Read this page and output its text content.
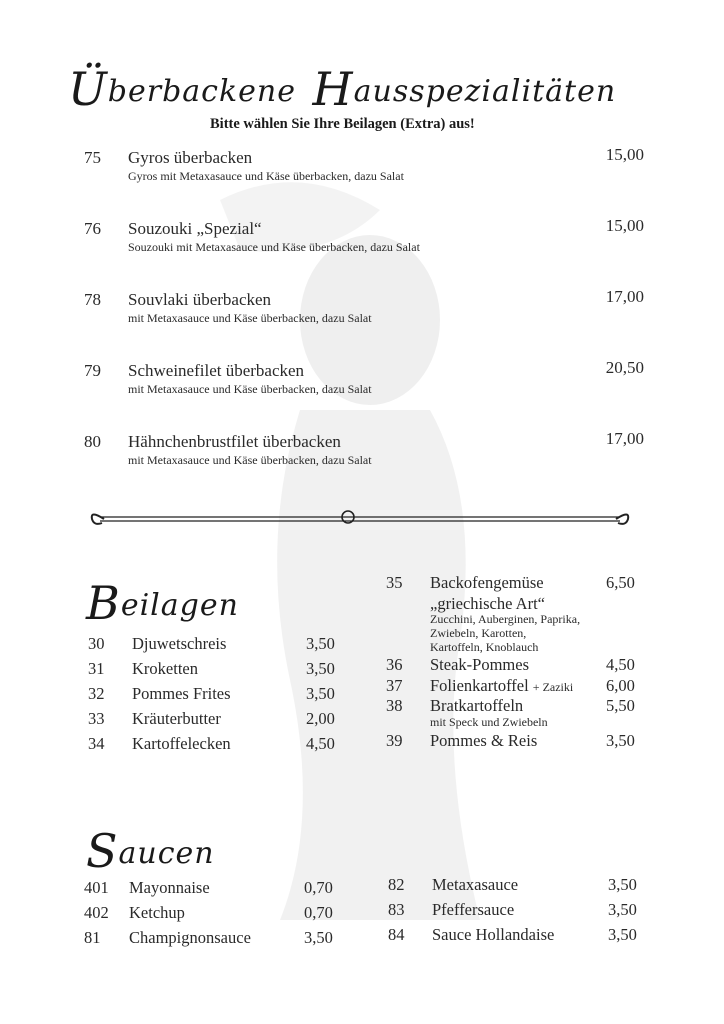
Überbackene Hausspezialitäten
Bitte wählen Sie Ihre Beilagen (Extra) aus!
75 Gyros überbacken
Gyros mit Metaxasauce und Käse überbacken, dazu Salat
15,00
76 Souzouki „Spezial“
Souzouki mit Metaxasauce und Käse überbacken, dazu Salat
15,00
78 Souvlaki überbacken
mit Metaxasauce und Käse überbacken, dazu Salat
17,00
79 Schweinefilet überbacken
mit Metaxasauce und Käse überbacken, dazu Salat
20,50
80 Hähnchenbrustfilet überbacken
mit Metaxasauce und Käse überbacken, dazu Salat
17,00
Beilagen
30 Djuwetschreis	3,50
31 Kroketten	3,50
32 Pommes Frites	3,50
33 Kräuterbutter	2,00
34 Kartoffelecken	4,50
35 Backofengemüse	6,50
„griechische Art“
Zucchini, Auberginen, Paprika,
Zwiebeln, Karotten,
Kartoffeln, Knoblauch
36 Steak-Pommes	4,50
37 Folienkartoffel + Zaziki 6,00
38 Bratkartoffeln	5,50
mit Speck und Zwiebeln
39 Pommes & Reis	3,50
Saucen
401 Mayonnaise	0,70
402 Ketchup	0,70
81 Champignonsauce	3,50
82 Metaxasauce	3,50
83 Pfeffersauce	3,50
84 Sauce Hollandaise	3,50
